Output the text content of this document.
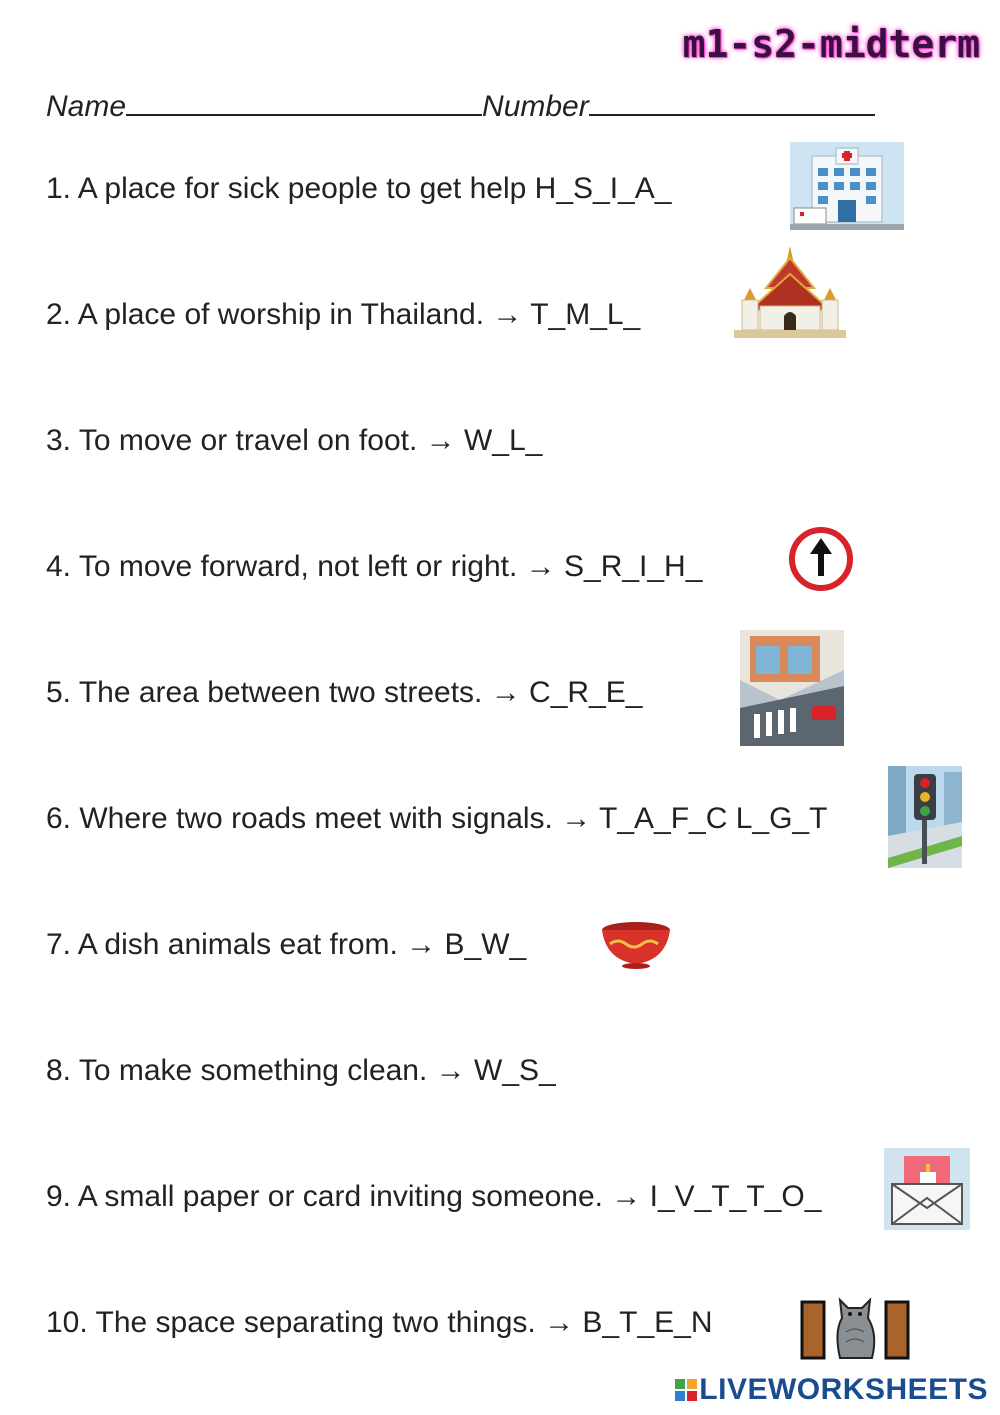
m1-s2-midterm
Name	Number
1. A place for sick people to get help H_S_I_A_
2. A place of worship in Thailand. → T_M_L_
3. To move or travel on foot. → W_L_
4. To move forward, not left or right. → S_R_I_H_
5. The area between two streets. → C_R_E_
6. Where two roads meet with signals. → T_A_F_C L_G_T
7. A dish animals eat from. → B_W_
8. To make something clean. → W_S_
9. A small paper or card inviting someone. → I_V_T_T_O_
10. The space separating two things. → B_T_E_N
LIVEWORKSHEETS
